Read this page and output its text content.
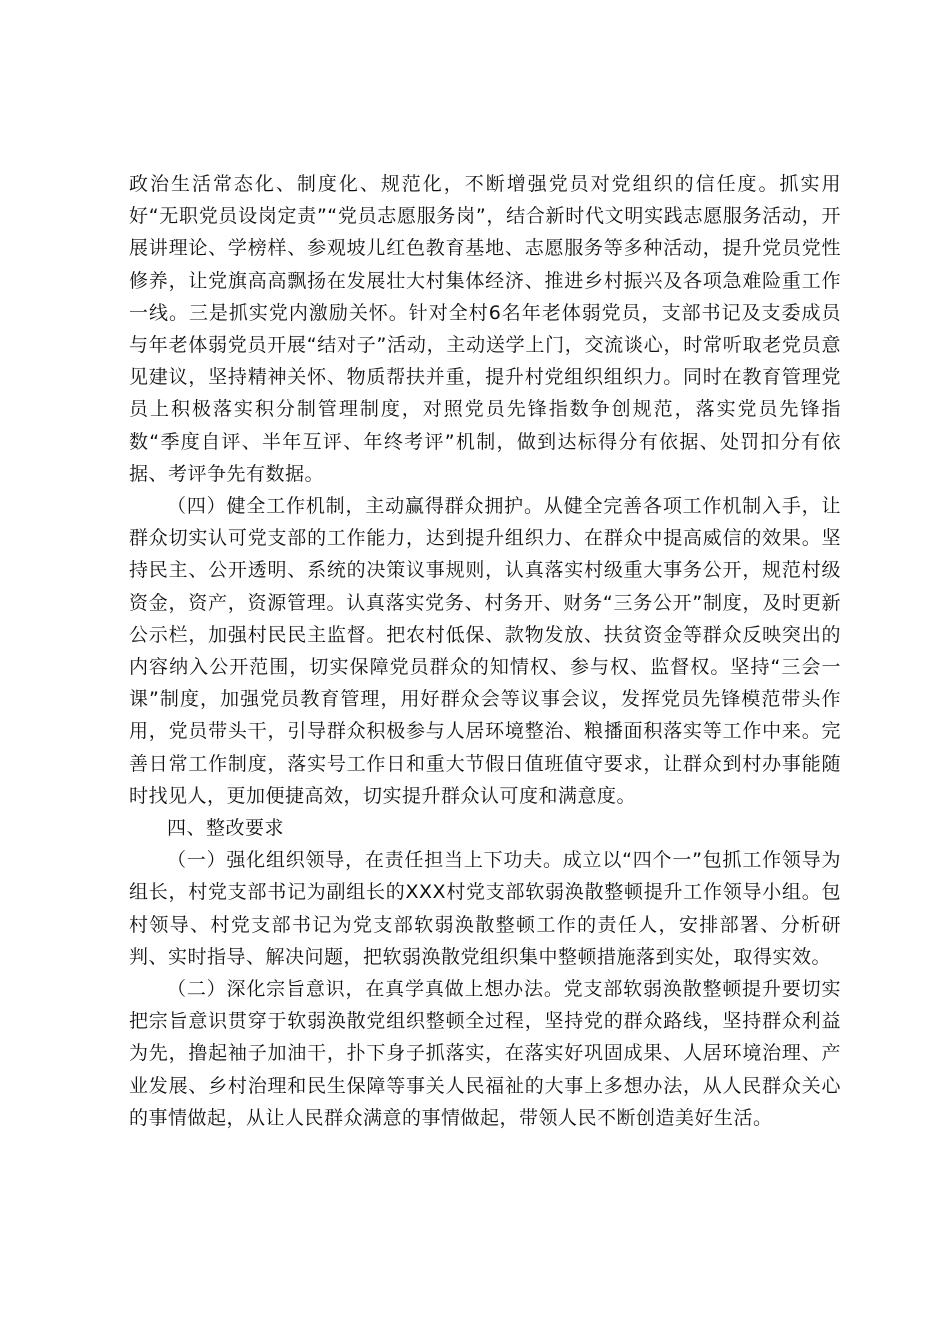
政治生活常态化、制度化、规范化，不断增强党员对党组织的信任度。抓实用好“无职党员设岗定责”“党员志愿服务岗”，结合新时代文明实践志愿服务活动，开展讲理论、学榜样、参观坡儿红色教育基地、志愿服务等多种活动，提升党员党性修养，让党旗高高飘扬在发展壮大村集体经济、推进乡村振兴及各项急难险重工作一线。三是抓实党内激励关怀。针对全村6名年老体弱党员，支部书记及支委成员与年老体弱党员开展“结对子”活动，主动送学上门，交流谈心，时常听取老党员意见建议，坚持精神关怀、物质帮扶并重，提升村党组织组织力。同时在教育管理党员上积极落实积分制管理制度，对照党员先锋指数争创规范，落实党员先锋指数“季度自评、半年互评、年终考评”机制，做到达标得分有依据、处罚扣分有依据、考评争先有数据。

（四）健全工作机制，主动赢得群众拥护。从健全完善各项工作机制入手，让群众切实认可党支部的工作能力，达到提升组织力、在群众中提高威信的效果。坚持民主、公开透明、系统的决策议事规则，认真落实村级重大事务公开，规范村级资金，资产，资源管理。认真落实党务、村务开、财务“三务公开”制度，及时更新公示栏，加强村民民主监督。把农村低保、款物发放、扶贫资金等群众反映突出的内容纳入公开范围，切实保障党员群众的知情权、参与权、监督权。坚持“三会一课”制度，加强党员教育管理，用好群众会等议事会议，发挥党员先锋模范带头作用，党员带头干，引导群众积极参与人居环境整治、粮播面积落实等工作中来。完善日常工作制度，落实号工作日和重大节假日值班值守要求，让群众到村办事能随时找见人，更加便捷高效，切实提升群众认可度和满意度。

四、整改要求

（一）强化组织领导，在责任担当上下功夫。成立以“四个一”包抓工作领导为组长，村党支部书记为副组长的XXX村党支部软弱涣散整顿提升工作领导小组。包村领导、村党支部书记为党支部软弱涣散整顿工作的责任人，安排部署、分析研判、实时指导、解决问题，把软弱涣散党组织集中整顿措施落到实处，取得实效。

（二）深化宗旨意识，在真学真做上想办法。党支部软弱涣散整顿提升要切实把宗旨意识贯穿于软弱涣散党组织整顿全过程，坚持党的群众路线，坚持群众利益为先，撸起袖子加油干，扑下身子抓落实，在落实好巩固成果、人居环境治理、产业发展、乡村治理和民生保障等事关人民福祉的大事上多想办法，从人民群众关心的事情做起，从让人民群众满意的事情做起，带领人民不断创造美好生活。
